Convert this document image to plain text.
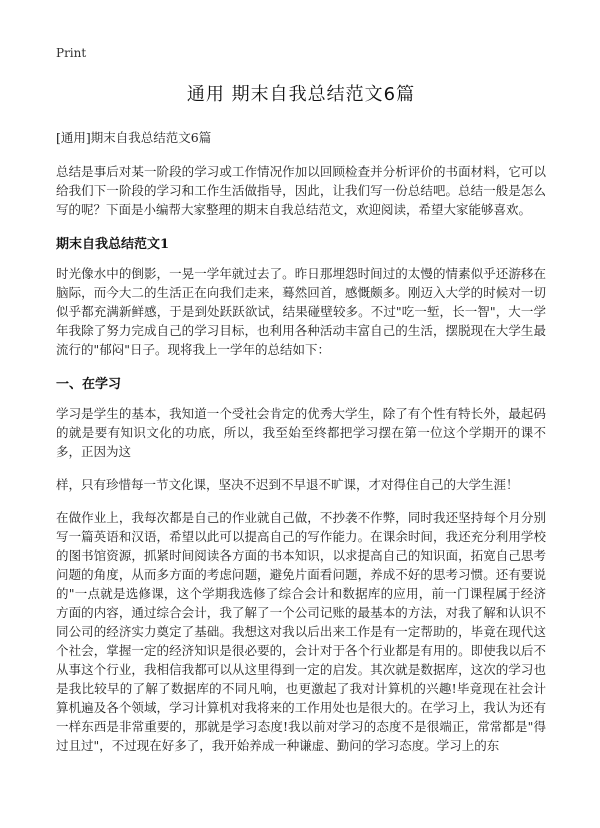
Print
通用 期末自我总结范文6篇
[通用]期末自我总结范文6篇

总结是事后对某一阶段的学习或工作情况作加以回顾检查并分析评价的书面材料，它可以给我们下一阶段的学习和工作生活做指导，因此，让我们写一份总结吧。总结一般是怎么写的呢？下面是小编帮大家整理的期末自我总结范文，欢迎阅读，希望大家能够喜欢。

期末自我总结范文1

时光像水中的倒影，一晃一学年就过去了。昨日那埋怨时间过的太慢的情素似乎还游移在脑际，而今大二的生活正在向我们走来，蓦然回首，感慨颇多。刚迈入大学的时候对一切似乎都充满新鲜感，于是到处跃跃欲试，结果碰壁较多。不过"吃一堑，长一智"，大一学年我除了努力完成自己的学习目标，也利用各种活动丰富自己的生活，摆脱现在大学生最流行的"郁闷"日子。现将我上一学年的总结如下：

一、在学习

学习是学生的基本，我知道一个受社会肯定的优秀大学生，除了有个性有特长外，最起码的就是要有知识文化的功底，所以，我至始至终都把学习摆在第一位这个学期开的课不多，正因为这

样，只有珍惜每一节文化课，坚决不迟到不早退不旷课，才对得住自己的大学生涯！

在做作业上，我每次都是自己的作业就自己做，不抄袭不作弊，同时我还坚持每个月分别写一篇英语和汉语，希望以此可以提高自己的写作能力。在课余时间，我还充分利用学校的图书馆资源，抓紧时间阅读各方面的书本知识，以求提高自己的知识面，拓宽自己思考问题的角度，从而多方面的考虑问题，避免片面看问题，养成不好的思考习惯。还有要说的"一点就是选修课，这个学期我选修了综合会计和数据库的应用，前一门课程属于经济方面的内容，通过综合会计，我了解了一个公司记账的最基本的方法，对我了解和认识不同公司的经济实力奠定了基础。我想这对我以后出来工作是有一定帮助的，毕竟在现代这个社会，掌握一定的经济知识是很必要的，会计对于各个行业都是有用的。即使我以后不从事这个行业，我相信我都可以从这里得到一定的启发。其次就是数据库，这次的学习也是我比较早的了解了数据库的不同凡响，也更激起了我对计算机的兴趣!毕竟现在社会计算机遍及各个领域，学习计算机对我将来的工作用处也是很大的。在学习上，我认为还有一样东西是非常重要的，那就是学习态度!我以前对学习的态度不是很端正，常常都是"得过且过"，不过现在好多了，我开始养成一种谦虚、勤问的学习态度。学习上的东
